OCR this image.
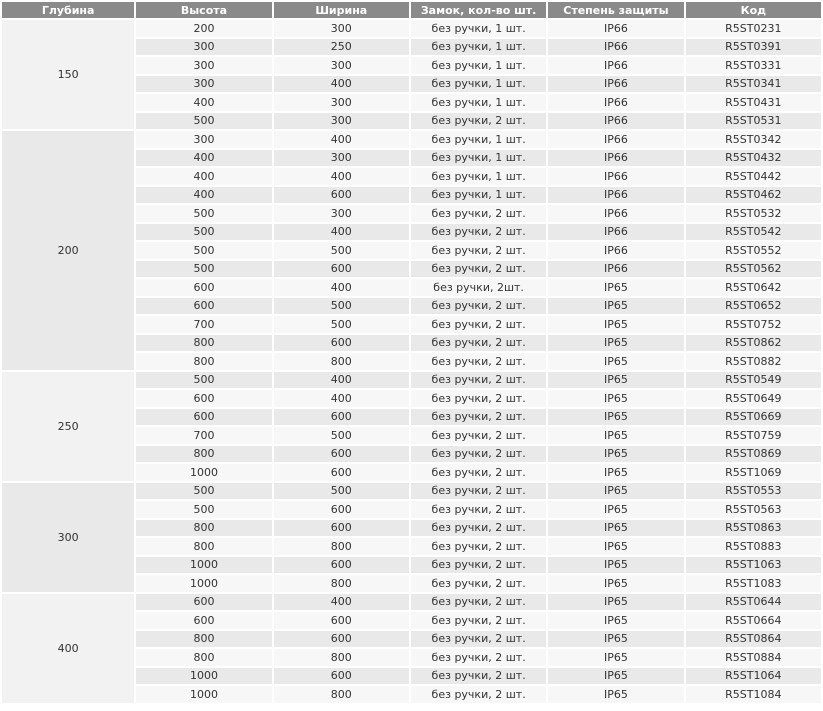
Глубина	Высота	Ширина	Замок, кол-во шт.	Степень защиты	Код
150	200	300	без ручки, 1 шт.	IP66	R5ST0231
	300	250	без ручки, 1 шт.	IP66	R5ST0391
	300	300	без ручки, 1 шт.	IP66	R5ST0331
	300	400	без ручки, 1 шт.	IP66	R5ST0341
	400	300	без ручки, 1 шт.	IP66	R5ST0431
	500	300	без ручки, 2 шт.	IP66	R5ST0531
200	300	400	без ручки, 1 шт.	IP66	R5ST0342
	400	300	без ручки, 1 шт.	IP66	R5ST0432
	400	400	без ручки, 1 шт.	IP66	R5ST0442
	400	600	без ручки, 1 шт.	IP66	R5ST0462
	500	300	без ручки, 2 шт.	IP66	R5ST0532
	500	400	без ручки, 2 шт.	IP66	R5ST0542
	500	500	без ручки, 2 шт.	IP66	R5ST0552
	500	600	без ручки, 2 шт.	IP66	R5ST0562
	600	400	без ручки, 2шт.	IP65	R5ST0642
	600	500	без ручки, 2 шт.	IP65	R5ST0652
	700	500	без ручки, 2 шт.	IP65	R5ST0752
	800	600	без ручки, 2 шт.	IP65	R5ST0862
	800	800	без ручки, 2 шт.	IP65	R5ST0882
250	500	400	без ручки, 2 шт.	IP65	R5ST0549
	600	400	без ручки, 2 шт.	IP65	R5ST0649
	600	600	без ручки, 2 шт.	IP65	R5ST0669
	700	500	без ручки, 2 шт.	IP65	R5ST0759
	800	600	без ручки, 2 шт.	IP65	R5ST0869
	1000	600	без ручки, 2 шт.	IP65	R5ST1069
300	500	500	без ручки, 2 шт.	IP65	R5ST0553
	500	600	без ручки, 2 шт.	IP65	R5ST0563
	800	600	без ручки, 2 шт.	IP65	R5ST0863
	800	800	без ручки, 2 шт.	IP65	R5ST0883
	1000	600	без ручки, 2 шт.	IP65	R5ST1063
	1000	800	без ручки, 2 шт.	IP65	R5ST1083
400	600	400	без ручки, 2 шт.	IP65	R5ST0644
	600	600	без ручки, 2 шт.	IP65	R5ST0664
	800	600	без ручки, 2 шт.	IP65	R5ST0864
	800	800	без ручки, 2 шт.	IP65	R5ST0884
	1000	600	без ручки, 2 шт.	IP65	R5ST1064
	1000	800	без ручки, 2 шт.	IP65	R5ST1084
